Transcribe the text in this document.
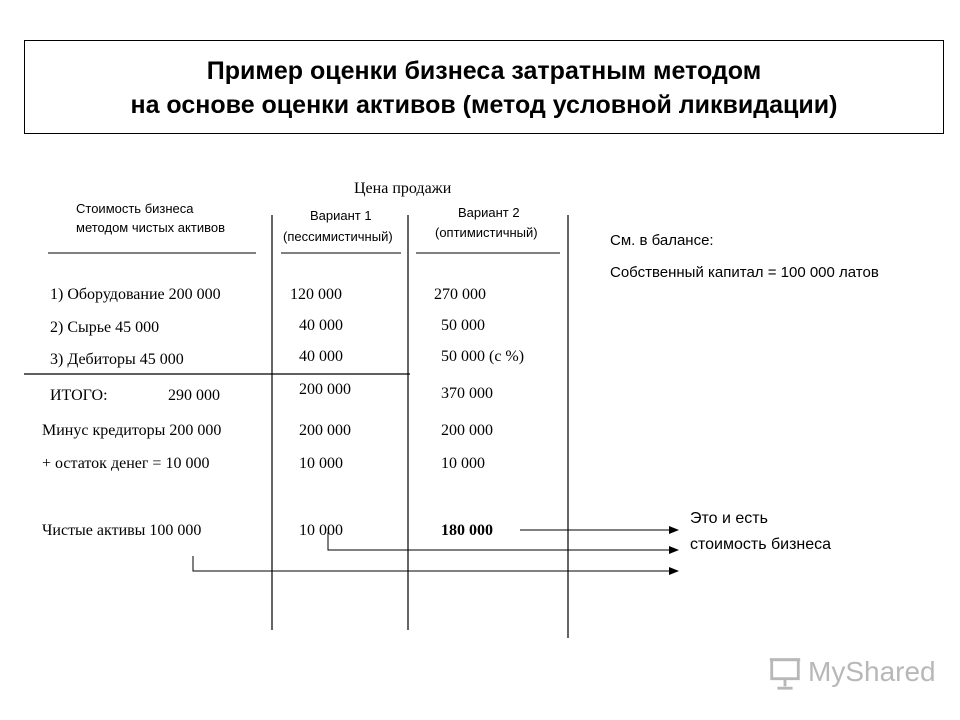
Пример оценки бизнеса затратным методом
на основе оценки активов (метод условной ликвидации)
Цена продажи
Стоимость бизнеса
методом чистых активов
Вариант 1
(пессимистичный)
Вариант 2
(оптимистичный)	См. в балансе:
Собственный капитал = 100 000 латов
1) Оборудование 200 000	120 000	270 000
2) Сырье 45 000	40 000	50 000
3) Дебиторы 45 000	40 000	50 000 (с %)
ИТОГО:	290 000	200 000	370 000
Минус кредиторы 200 000	200 000	200 000
+ остаток денег = 10 000	10 000	10 000
Чистые активы 100 000	10 000	180 000
Это и есть
стоимость бизнеса
MyShared
